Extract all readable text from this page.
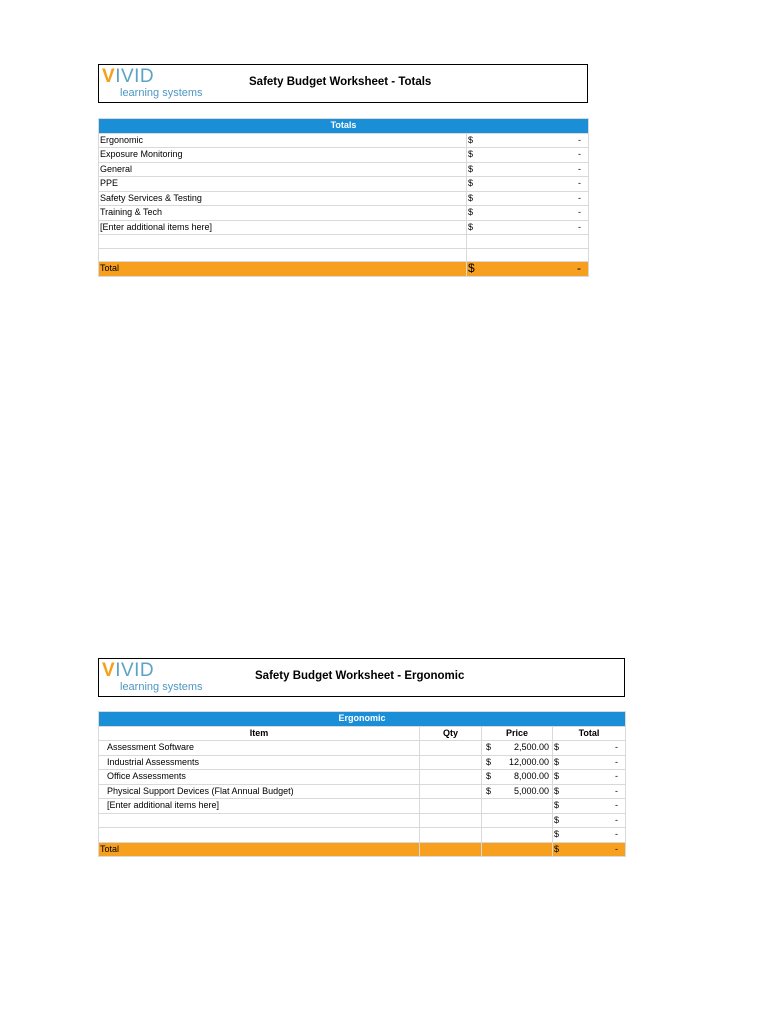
VIVID
learning systems
Safety Budget Worksheet - Totals
Totals	
Ergonomic	$ -

Exposure Monitoring	$ -

General	$ -

PPE	$ -

Safety Services & Testing	$ -

Training & Tech	$ -

[Enter additional items here]	$ -

Total	$ -
VIVID
learning systems
Safety Budget Worksheet - Ergonomic
Ergonomic			
Item	Qty	Price	Total
Assessment Software		$ 2,500.00	$ -

Industrial Assessments		$ 12,000.00	$ -

Office Assessments		$ 8,000.00	$ -

Physical Support Devices (Flat Annual Budget)		$ 5,000.00	$ -

[Enter additional items here]			$ -

			$ -

			$ -

Total			$ -
